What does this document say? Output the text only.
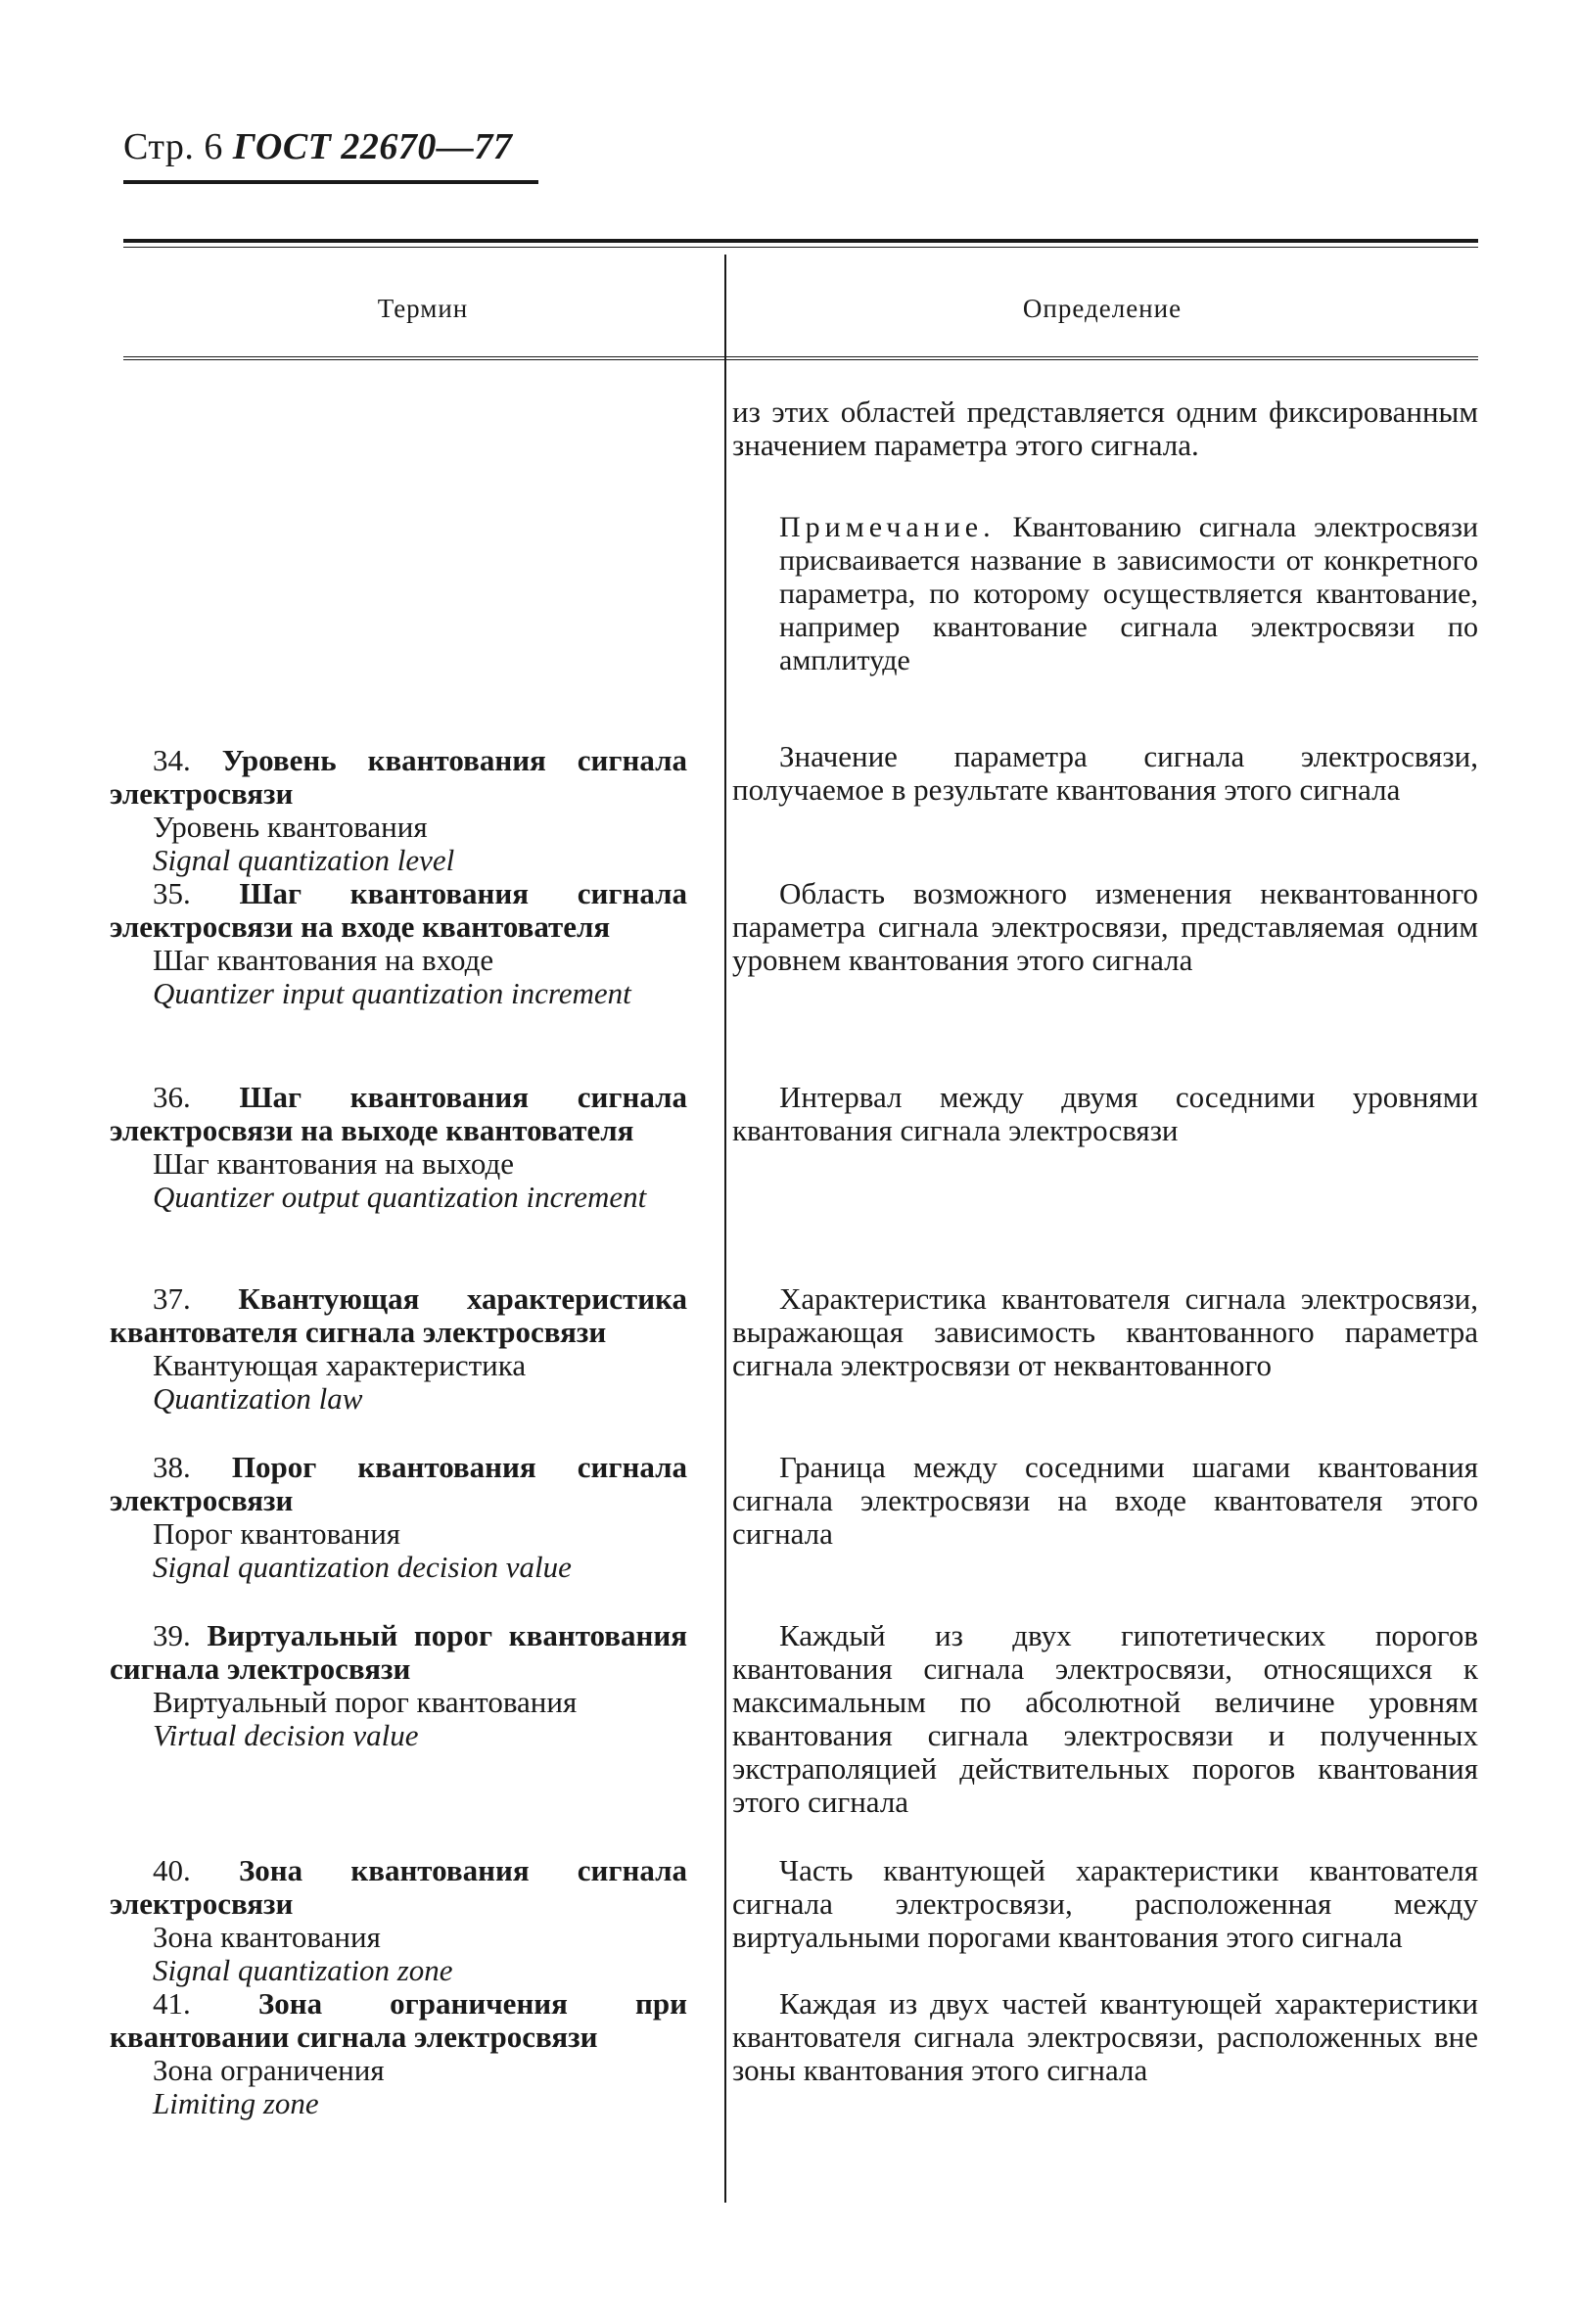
Стр. 6 ГОСТ 22670—77
Термин	Определение

из этих областей представляется одним фиксированным значением параметра этого сигнала.

Примечание. Квантованию сигнала электросвязи присваивается название в зависимости от конкретного параметра, по которому осуществляется квантование, например квантование сигнала электросвязи по амплитуде
34. Уровень квантования сигнала электросвязи
Уровень квантования
Signal quantization level

Значение параметра сигнала электросвязи, получаемое в результате квантования этого сигнала

35. Шаг квантования сигнала электросвязи на входе квантователя
Шаг квантования на входе
Quantizer input quantization increment

Область возможного изменения неквантованного параметра сигнала электросвязи, представляемая одним уровнем квантования этого сигнала

36. Шаг квантования сигнала электросвязи на выходе квантователя
Шаг квантования на выходе
Quantizer output quantization increment

Интервал между двумя соседними уровнями квантования сигнала электросвязи

37. Квантующая характеристика квантователя сигнала электросвязи
Квантующая характеристика
Quantization law

Характеристика квантователя сигнала электросвязи, выражающая зависимость квантованного параметра сигнала электросвязи от неквантованного

38. Порог квантования сигнала электросвязи
Порог квантования
Signal quantization decision value

Граница между соседними шагами квантования сигнала электросвязи на входе квантователя этого сигнала

39. Виртуальный порог квантования сигнала электросвязи
Виртуальный порог квантования
Virtual decision value

Каждый из двух гипотетических порогов квантования сигнала электросвязи, относящихся к максимальным по абсолютной величине уровням квантования сигнала электросвязи и полученных экстраполяцией действительных порогов квантования этого сигнала

40. Зона квантования сигнала электросвязи
Зона квантования
Signal quantization zone

Часть квантующей характеристики квантователя сигнала электросвязи, расположенная между виртуальными порогами квантования этого сигнала

41. Зона ограничения при квантовании сигнала электросвязи
Зона ограничения
Limiting zone

Каждая из двух частей квантующей характеристики квантователя сигнала электросвязи, расположенных вне зоны квантования этого сигнала
